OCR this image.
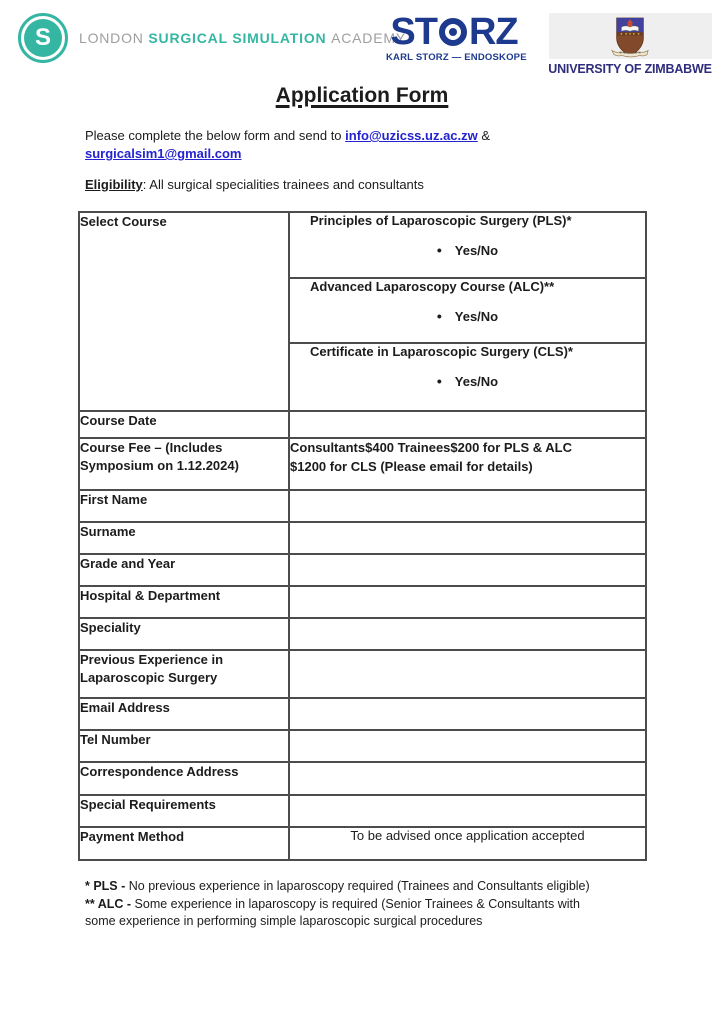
S	LONDON SURGICAL SIMULATION ACADEMY
ST RZ
KARL STORZ — ENDOSKOPE
UNIVERSITY OF ZIMBABWE
Application Form

Please complete the below form and send to info@uzicss.uz.ac.zw & surgicalsim1@gmail.com

Eligibility: All surgical specialities trainees and consultants

Select Course	Principles of Laparoscopic Surgery (PLS)*
• Yes/No

	Advanced Laparoscopy Course (ALC)**
• Yes/No

	Certificate in Laparoscopic Surgery (CLS)*
• Yes/No

Course Date	
Course Fee – (Includes Symposium on 1.12.2024)	Consultants$400 Trainees$200 for PLS & ALC
$1200 for CLS (Please email for details)
First Name	
Surname	
Grade and Year	
Hospital & Department	
Speciality	
Previous Experience in Laparoscopic Surgery	
Email Address	
Tel Number	
Correspondence Address	
Special Requirements	
Payment Method	To be advised once application accepted

* PLS - No previous experience in laparoscopy required (Trainees and Consultants eligible)

** ALC - Some experience in laparoscopy is required (Senior Trainees & Consultants with
some experience in performing simple laparoscopic surgical procedures
